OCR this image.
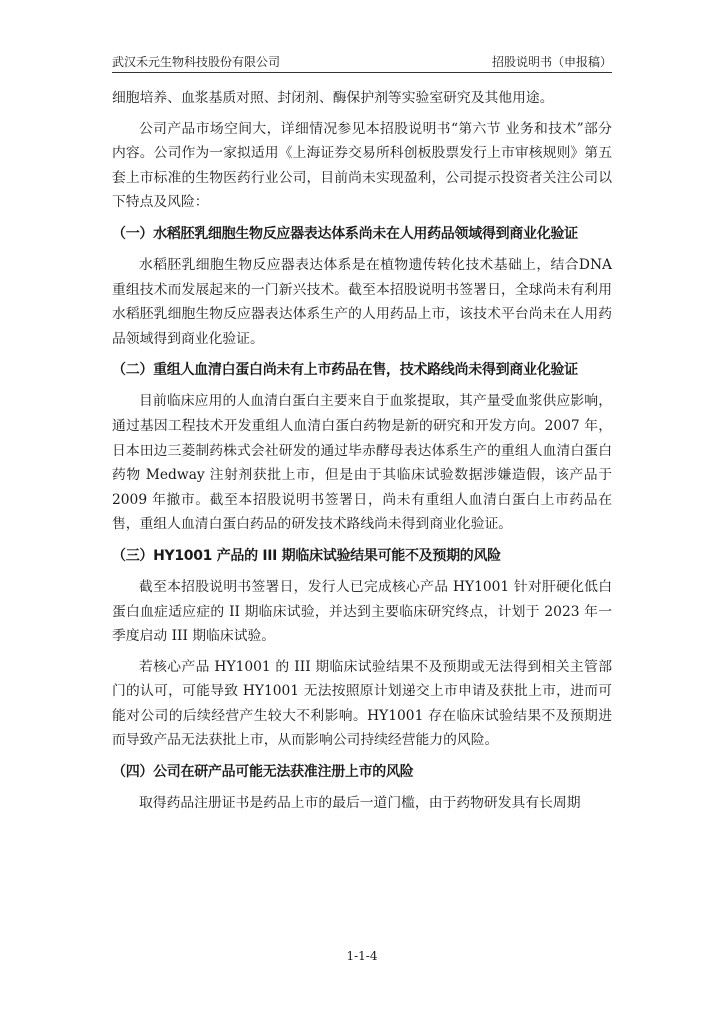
武汉禾元生物科技股份有限公司	招股说明书（申报稿）

细胞培养、血浆基质对照、封闭剂、酶保护剂等实验室研究及其他用途。

公司产品市场空间大，详细情况参见本招股说明书“第六节 业务和技术”部分内容。公司作为一家拟适用《上海证券交易所科创板股票发行上市审核规则》第五套上市标准的生物医药行业公司，目前尚未实现盈利，公司提示投资者关注公司以下特点及风险：

（一）水稻胚乳细胞生物反应器表达体系尚未在人用药品领域得到商业化验证

水稻胚乳细胞生物反应器表达体系是在植物遗传转化技术基础上，结合DNA 重组技术而发展起来的一门新兴技术。截至本招股说明书签署日，全球尚未有利用水稻胚乳细胞生物反应器表达体系生产的人用药品上市，该技术平台尚未在人用药品领域得到商业化验证。

（二）重组人血清白蛋白尚未有上市药品在售，技术路线尚未得到商业化验证

目前临床应用的人血清白蛋白主要来自于血浆提取，其产量受血浆供应影响，通过基因工程技术开发重组人血清白蛋白药物是新的研究和开发方向。2007 年，日本田边三菱制药株式会社研发的通过毕赤酵母表达体系生产的重组人血清白蛋白药物 Medway 注射剂获批上市，但是由于其临床试验数据涉嫌造假，该产品于 2009 年撤市。截至本招股说明书签署日，尚未有重组人血清白蛋白上市药品在售，重组人血清白蛋白药品的研发技术路线尚未得到商业化验证。

（三）HY1001 产品的 III 期临床试验结果可能不及预期的风险

截至本招股说明书签署日，发行人已完成核心产品 HY1001 针对肝硬化低白蛋白血症适应症的 II 期临床试验，并达到主要临床研究终点，计划于 2023 年一季度启动 III 期临床试验。

若核心产品 HY1001 的 III 期临床试验结果不及预期或无法得到相关主管部门的认可，可能导致 HY1001 无法按照原计划递交上市申请及获批上市，进而可能对公司的后续经营产生较大不利影响。HY1001 存在临床试验结果不及预期进而导致产品无法获批上市，从而影响公司持续经营能力的风险。

（四）公司在研产品可能无法获准注册上市的风险

取得药品注册证书是药品上市的最后一道门槛，由于药物研发具有长周期

1-1-4
